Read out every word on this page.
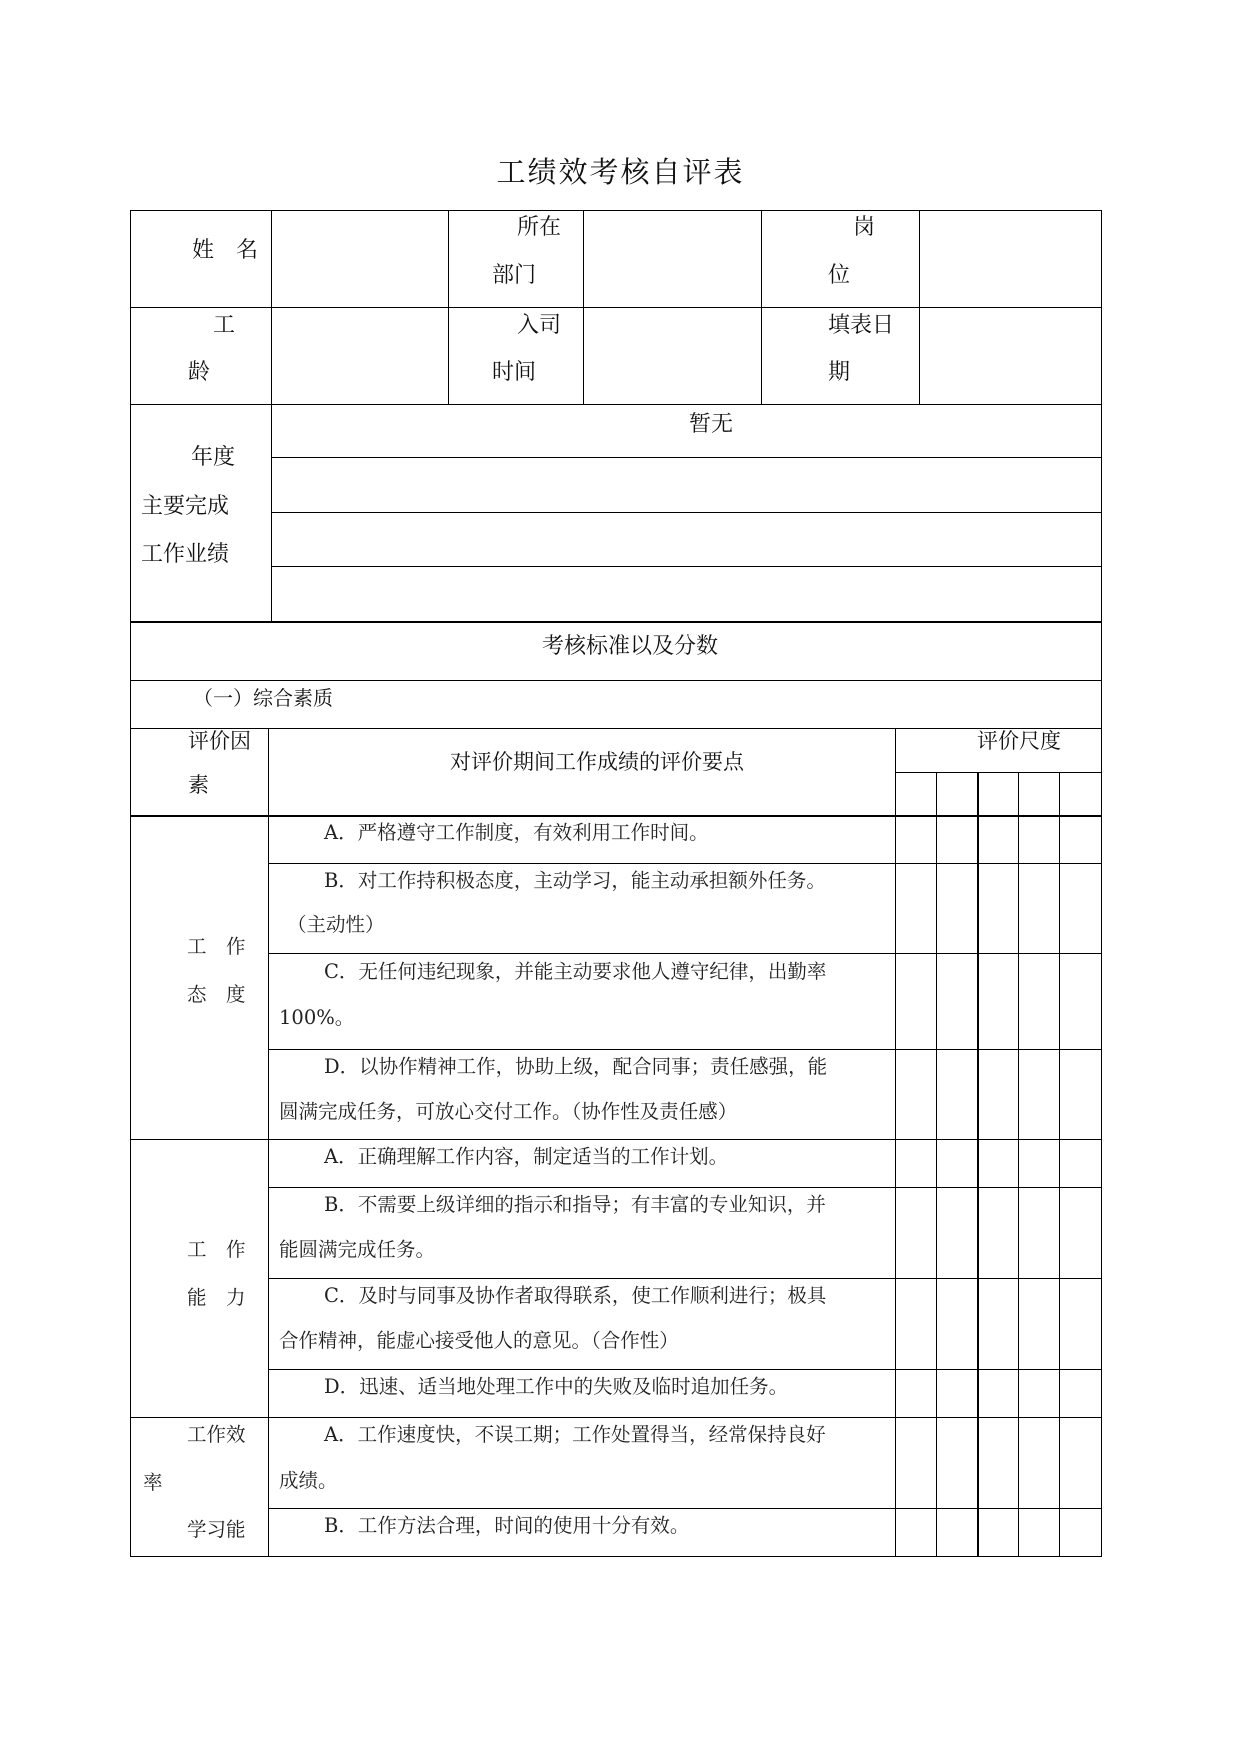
工绩效考核自评表
姓　名
所在
部门
岗
位
工
龄
入司
时间
填表日
期
年度
主要完成
工作业绩
暂无
考核标准以及分数
（一）综合素质
评价因
素
对评价期间工作成绩的评价要点
评价尺度
工　作
态　度
A．严格遵守工作制度，有效利用工作时间。
B．对工作持积极态度，主动学习，能主动承担额外任务。
（主动性）
C．无任何违纪现象，并能主动要求他人遵守纪律，出勤率
100%。
D．以协作精神工作，协助上级，配合同事；责任感强，能
圆满完成任务，可放心交付工作。（协作性及责任感）
工　作
能　力
A．正确理解工作内容，制定适当的工作计划。
B．不需要上级详细的指示和指导；有丰富的专业知识，并
能圆满完成任务。
C．及时与同事及协作者取得联系，使工作顺利进行；极具
合作精神，能虚心接受他人的意见。（合作性）
D．迅速、适当地处理工作中的失败及临时追加任务。
工作效
率
学习能
A．工作速度快，不误工期；工作处置得当，经常保持良好
成绩。
B．工作方法合理，时间的使用十分有效。
